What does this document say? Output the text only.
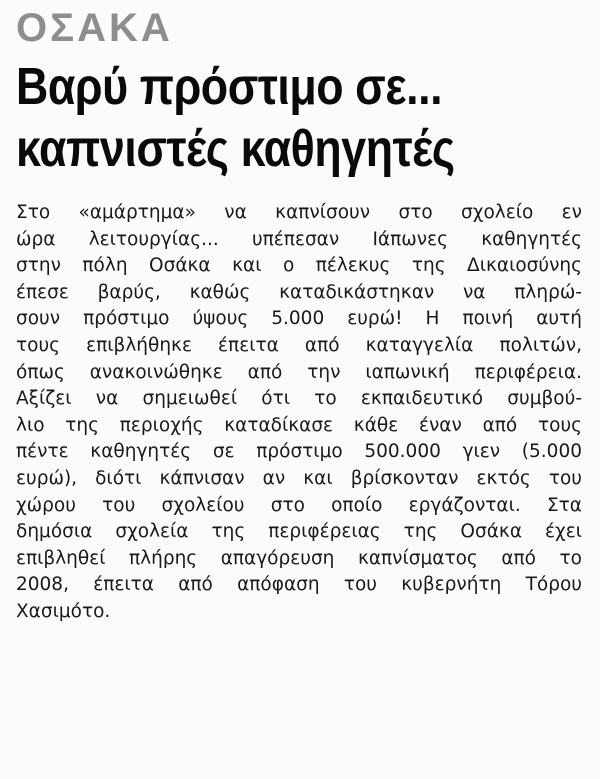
ΟΣΑΚΑ
Βαρύ πρόστιμο σε...
καπνιστές καθηγητές
Στο «αμάρτημα» να καπνίσουν στο σχολείο εν
ώρα λειτουργίας... υπέπεσαν Ιάπωνες καθηγητές
στην πόλη Οσάκα και ο πέλεκυς της Δικαιοσύνης
έπεσε βαρύς, καθώς καταδικάστηκαν να πληρώ-
σουν πρόστιμο ύψους 5.000 ευρώ! Η ποινή αυτή
τους επιβλήθηκε έπειτα από καταγγελία πολιτών,
όπως ανακοινώθηκε από την ιαπωνική περιφέρεια.
Αξίζει να σημειωθεί ότι το εκπαιδευτικό συμβού-
λιο της περιοχής καταδίκασε κάθε έναν από τους
πέντε καθηγητές σε πρόστιμο 500.000 γιεν (5.000
ευρώ), διότι κάπνισαν αν και βρίσκονταν εκτός του
χώρου του σχολείου στο οποίο εργάζονται. Στα
δημόσια σχολεία της περιφέρειας της Οσάκα έχει
επιβληθεί πλήρης απαγόρευση καπνίσματος από το
2008, έπειτα από απόφαση του κυβερνήτη Τόρου
Χασιμότο.
